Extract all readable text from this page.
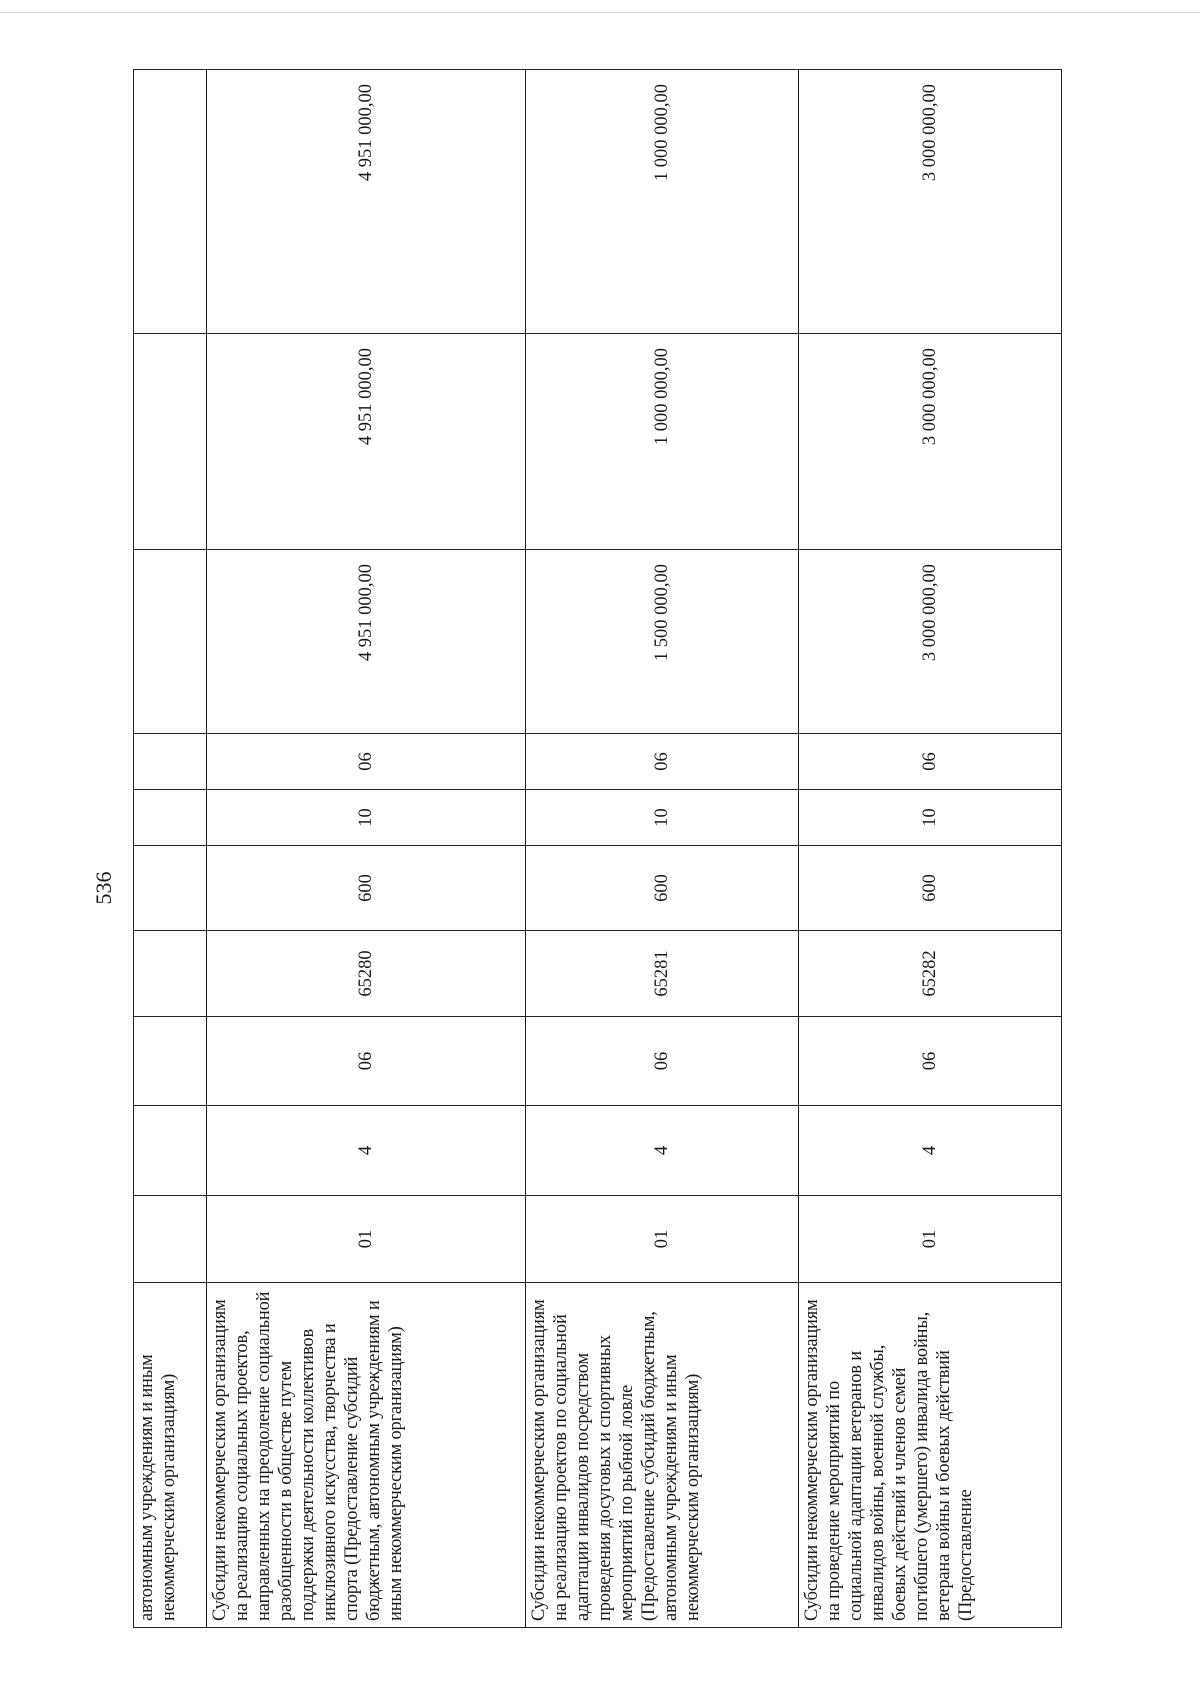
536
автономным учреждениям и иным некоммерческим организациям)										
Субсидии некоммерческим организациям на реализацию социальных проектов, направленных на преодоление социальной разобщенности в обществе путем поддержки деятельности коллективов инклюзивного искусства, творчества и спорта (Предоставление субсидий бюджетным, автономным учреждениям и иным некоммерческим организациям)	01	4	06	65280	600	10	06	4 951 000,00	4 951 000,00	4 951 000,00
Субсидии некоммерческим организациям на реализацию проектов по социальной адаптации инвалидов посредством проведения досуговых и спортивных мероприятий по рыбной ловле (Предоставление субсидий бюджетным, автономным учреждениям и иным некоммерческим организациям)	01	4	06	65281	600	10	06	1 500 000,00	1 000 000,00	1 000 000,00
Субсидии некоммерческим организациям на проведение мероприятий по социальной адаптации ветеранов и инвалидов войны, военной службы, боевых действий и членов семей погибшего (умершего) инвалида войны, ветерана войны и боевых действий (Предоставление	01	4	06	65282	600	10	06	3 000 000,00	3 000 000,00	3 000 000,00
